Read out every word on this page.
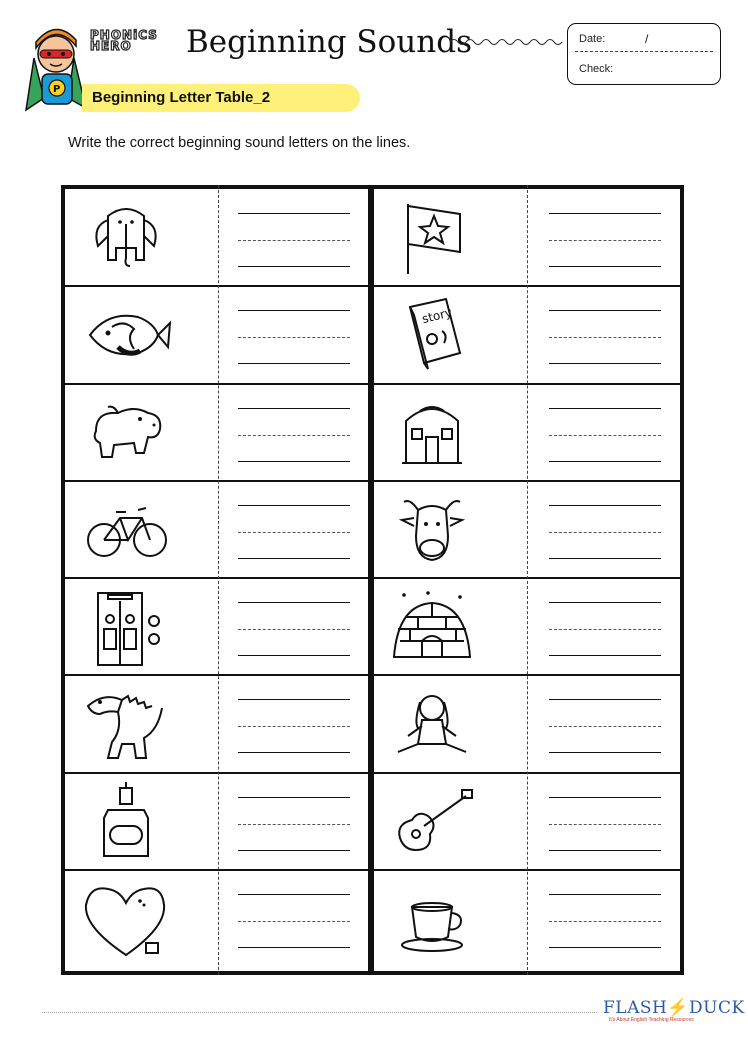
P
PHONiCS
HERO	Beginning Sounds
Beginning Letter Table_2
Date:	/
Check:
Write the correct beginning sound letters on the lines.
story
FLASH⚡DUCK
It's About English Teaching Resources
